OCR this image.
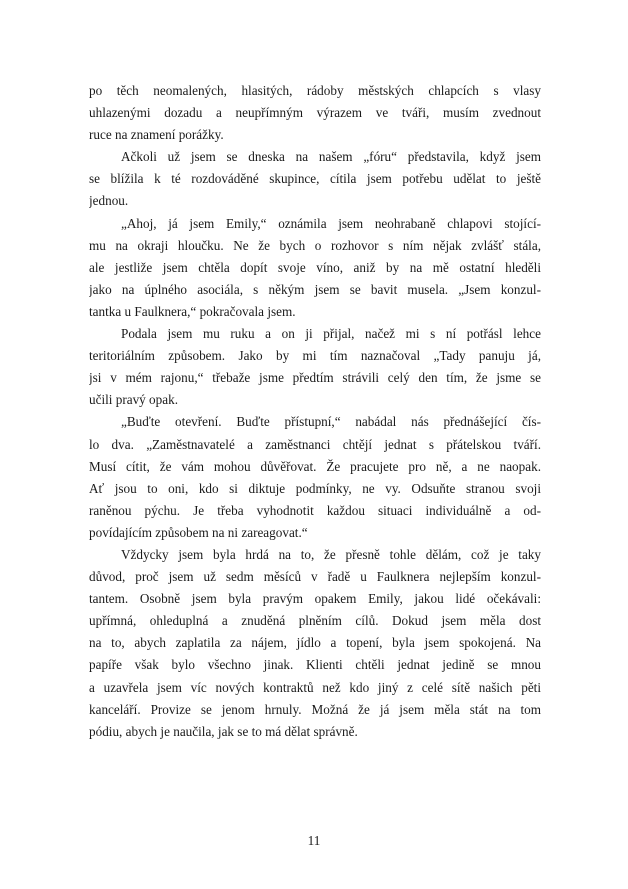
po těch neomalených, hlasitých, rádoby městských chlapcích s vlasy
uhlazenými dozadu a neupřímným výrazem ve tváři, musím zvednout
ruce na znamení porážky.
Ačkoli už jsem se dneska na našem „fóru“ představila, když jsem
se blížila k té rozdováděné skupince, cítila jsem potřebu udělat to ještě
jednou.
„Ahoj, já jsem Emily,“ oznámila jsem neohrabaně chlapovi stojící-
mu na okraji hloučku. Ne že bych o rozhovor s ním nějak zvlášť stála,
ale jestliže jsem chtěla dopít svoje víno, aniž by na mě ostatní hleděli
jako na úplného asociála, s někým jsem se bavit musela. „Jsem konzul-
tantka u Faulknera,“ pokračovala jsem.
Podala jsem mu ruku a on ji přijal, načež mi s ní potřásl lehce
teritoriálním způsobem. Jako by mi tím naznačoval „Tady panuju já,
jsi v mém rajonu,“ třebaže jsme předtím strávili celý den tím, že jsme se
učili pravý opak.
„Buďte otevření. Buďte přístupní,“ nabádal nás přednášející čís-
lo dva. „Zaměstnavatelé a zaměstnanci chtějí jednat s přátelskou tváří.
Musí cítit, že vám mohou důvěřovat. Že pracujete pro ně, a ne naopak.
Ať jsou to oni, kdo si diktuje podmínky, ne vy. Odsuňte stranou svoji
raněnou pýchu. Je třeba vyhodnotit každou situaci individuálně a od-
povídajícím způsobem na ni zareagovat.“
Vždycky jsem byla hrdá na to, že přesně tohle dělám, což je taky
důvod, proč jsem už sedm měsíců v řadě u Faulknera nejlepším konzul-
tantem. Osobně jsem byla pravým opakem Emily, jakou lidé očekávali:
upřímná, ohleduplná a znuděná plněním cílů. Dokud jsem měla dost
na to, abych zaplatila za nájem, jídlo a topení, byla jsem spokojená. Na
papíře však bylo všechno jinak. Klienti chtěli jednat jedině se mnou
a uzavřela jsem víc nových kontraktů než kdo jiný z celé sítě našich pěti
kanceláří. Provize se jenom hrnuly. Možná že já jsem měla stát na tom
pódiu, abych je naučila, jak se to má dělat správně.
11
